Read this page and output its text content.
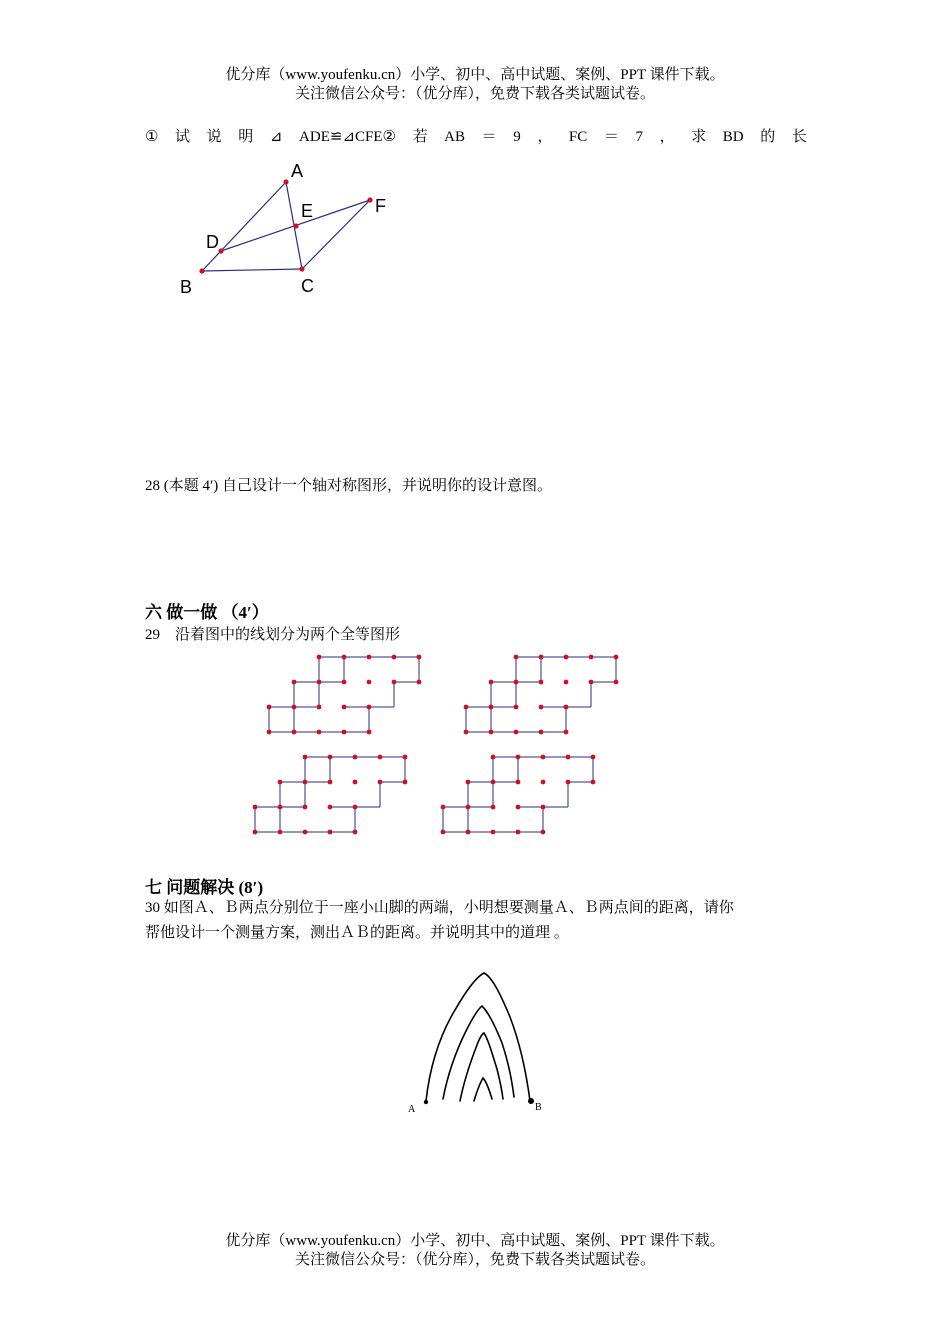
优分库（www.youfenku.cn）小学、初中、高中试题、案例、PPT 课件下载。
关注微信公众号：（优分库），免费下载各类试题试卷。
① 试 说 明 ⊿ ADE≌⊿CFE② 若 AB ＝ 9 ， FC ＝ 7 ， 求 BD 的 长
A
E	F
D
B	C
28 (本题 4′) 自己设计一个轴对称图形，并说明你的设计意图。
六 做一做 （4′）
29　沿着图中的线划分为两个全等图形
七 问题解决 (8′)
30 如图Ａ、Ｂ两点分别位于一座小山脚的两端，小明想要测量Ａ、Ｂ两点间的距离，请你
帮他设计一个测量方案，测出ＡＢ的距离。并说明其中的道理 。
A	B
优分库（www.youfenku.cn）小学、初中、高中试题、案例、PPT 课件下载。
关注微信公众号：（优分库），免费下载各类试题试卷。
